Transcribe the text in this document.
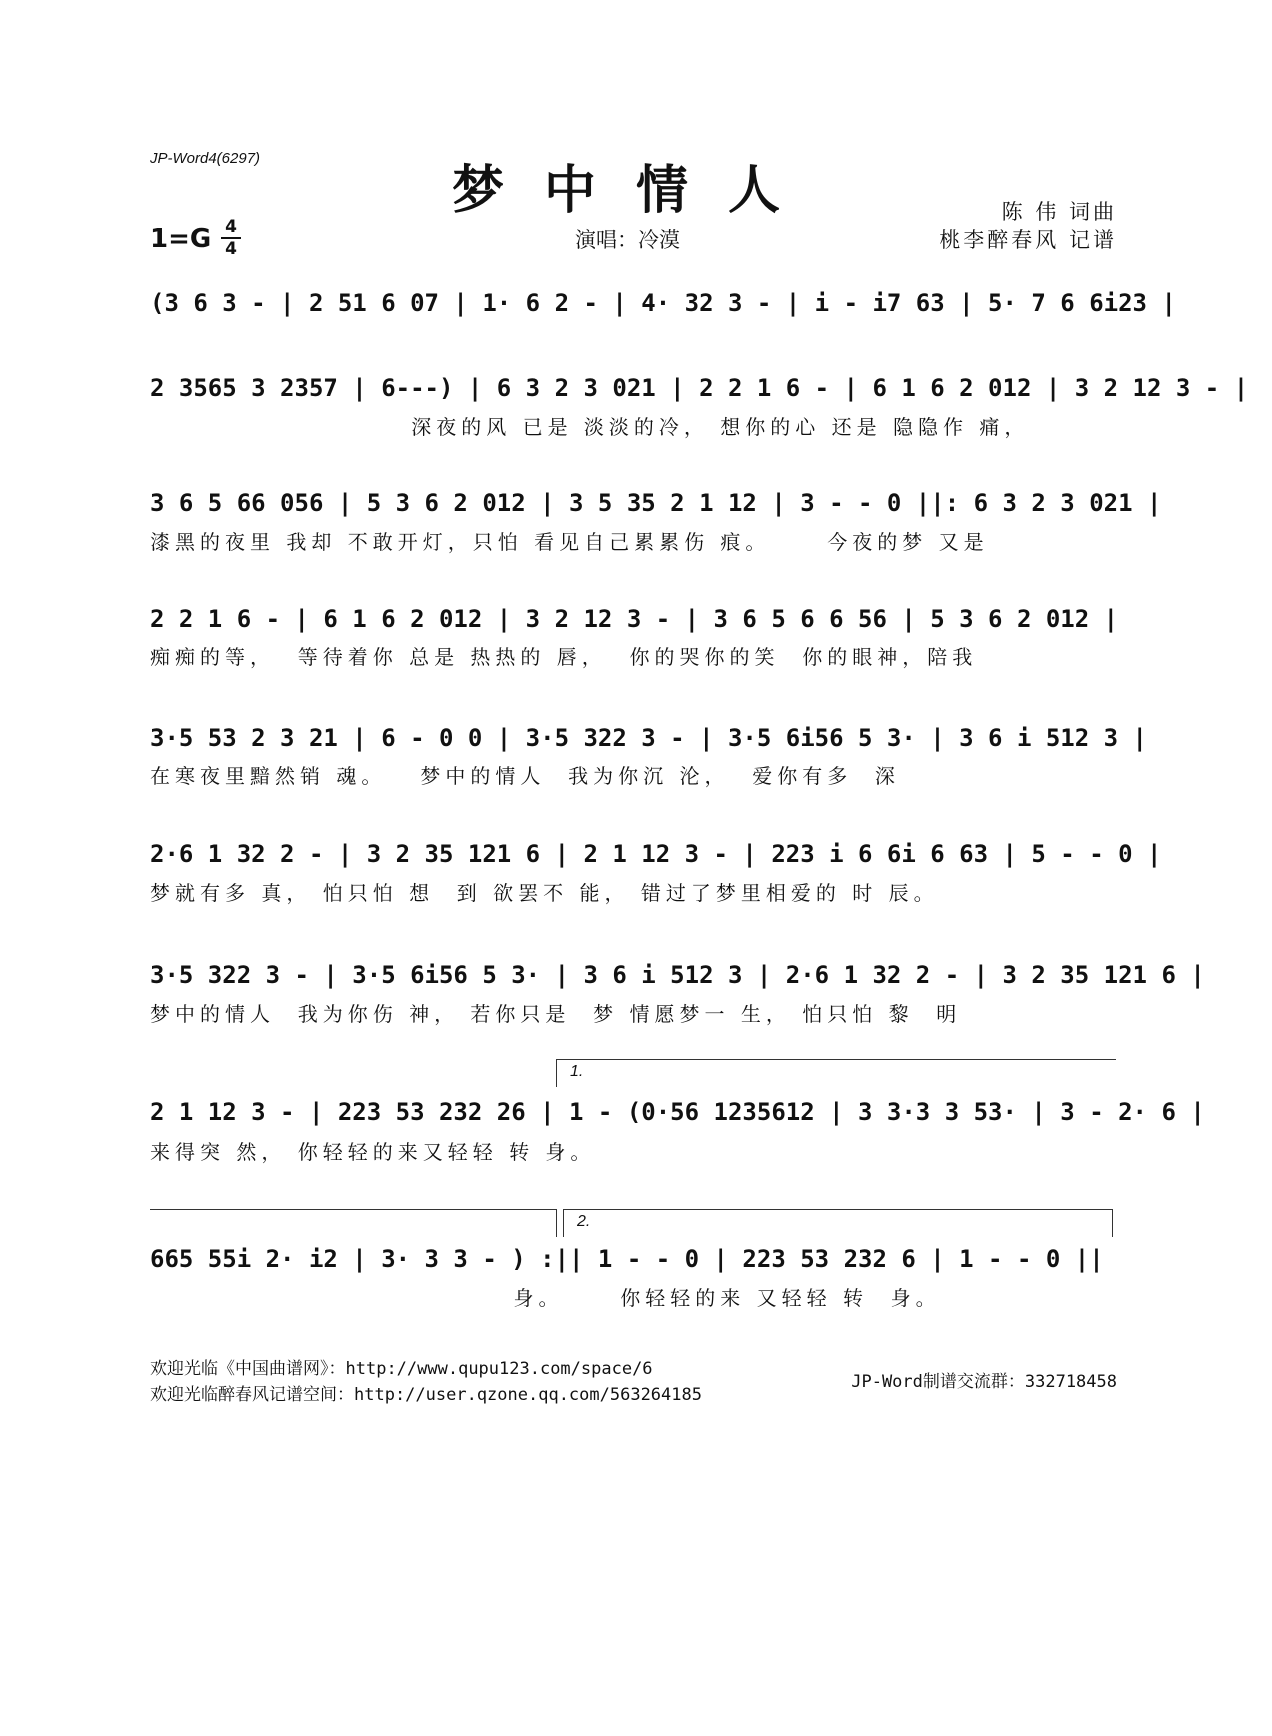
JP-Word4(6297)
梦中情人
1=G 4
4	演唱：冷漠
陈 伟 词曲
桃李醉春风 记谱
(3 6 3 - | 2 51 6 07 | 1· 6 2 - | 4· 32 3 - | i - i7 63 | 5· 7 6 6i23 |
2 3565 3 2357 | 6---) | 6 3 2 3 021 | 2 2 1 6 - | 6 1 6 2 012 | 3 2 12 3 - |
深夜的风 已是 淡淡的冷， 想你的心 还是 隐隐作 痛，
3 6 5 66 056 | 5 3 6 2 012 | 3 5 35 2 1 12 | 3 - - 0 ||: 6 3 2 3 021 |
漆黑的夜里 我却 不敢开灯，只怕 看见自己累累伤 痕。     今夜的梦 又是
2 2 1 6 - | 6 1 6 2 012 | 3 2 12 3 - | 3 6 5 6 6 56 | 5 3 6 2 012 |
痴痴的等，  等待着你 总是 热热的 唇，  你的哭你的笑  你的眼神，陪我
3·5 53 2 3 21 | 6 - 0 0 | 3·5 322 3 - | 3·5 6i56 5 3· | 3 6 i 512 3 |
在寒夜里黯然销 魂。   梦中的情人  我为你沉 沦，  爱你有多  深
2·6 1 32 2 - | 3 2 35 121 6 | 2 1 12 3 - | 223 i 6 6i 6 63 | 5 - - 0 |
梦就有多 真， 怕只怕 想  到 欲罢不 能， 错过了梦里相爱的 时 辰。
3·5 322 3 - | 3·5 6i56 5 3· | 3 6 i 512 3 | 2·6 1 32 2 - | 3 2 35 121 6 |
梦中的情人  我为你伤 神， 若你只是  梦 情愿梦一 生， 怕只怕 黎  明
1.
2 1 12 3 - | 223 53 232 26 | 1 - (0·56 1235612 | 3 3·3 3 53· | 3 - 2· 6 |
来得突 然， 你轻轻的来又轻轻 转 身。
2.
665 55i 2· i2 | 3· 3 3 - ) :|| 1 - - 0 | 223 53 232 6 | 1 - - 0 ||
身。     你轻轻的来 又轻轻 转  身。
欢迎光临《中国曲谱网》：http://www.qupu123.com/space/6
欢迎光临醉春风记谱空间：http://user.qzone.qq.com/563264185
JP-Word制谱交流群：332718458
